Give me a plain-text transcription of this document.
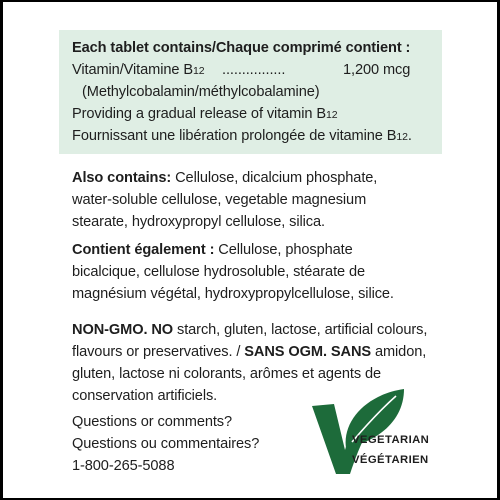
Each tablet contains/Chaque comprimé contient :
Vitamin/Vitamine B12 ................	1,200 mcg
(Methylcobalamin/méthylcobalamine)
Providing a gradual release of vitamin B12
Fournissant une libération prolongée de vitamine B12.
Also contains: Cellulose, dicalcium phosphate,
water-soluble cellulose, vegetable magnesium
stearate, hydroxypropyl cellulose, silica.
Contient également : Cellulose, phosphate
bicalcique, cellulose hydrosoluble, stéarate de
magnésium végétal, hydroxypropylcellulose, silice.
NON-GMO. NO starch, gluten, lactose, artificial colours,
flavours or preservatives. / SANS OGM. SANS amidon,
gluten, lactose ni colorants, arômes et agents de
conservation artificiels.
Questions or comments?
Questions ou commentaires?
1-800-265-5088
VEGETARIAN
VÉGÉTARIEN
